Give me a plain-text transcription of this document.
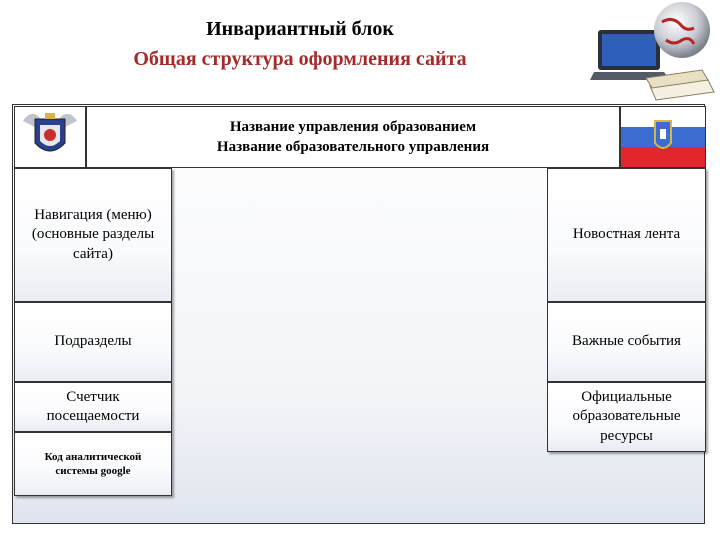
Инвариантный блок
Общая структура оформления сайта
Название управления образованием
Название образовательного управления
Навигация (меню) (основные разделы сайта)
Подразделы
Счетчик посещаемости
Код аналитической системы google
Новостная лента
Важные события
Официальные образовательные ресурсы
